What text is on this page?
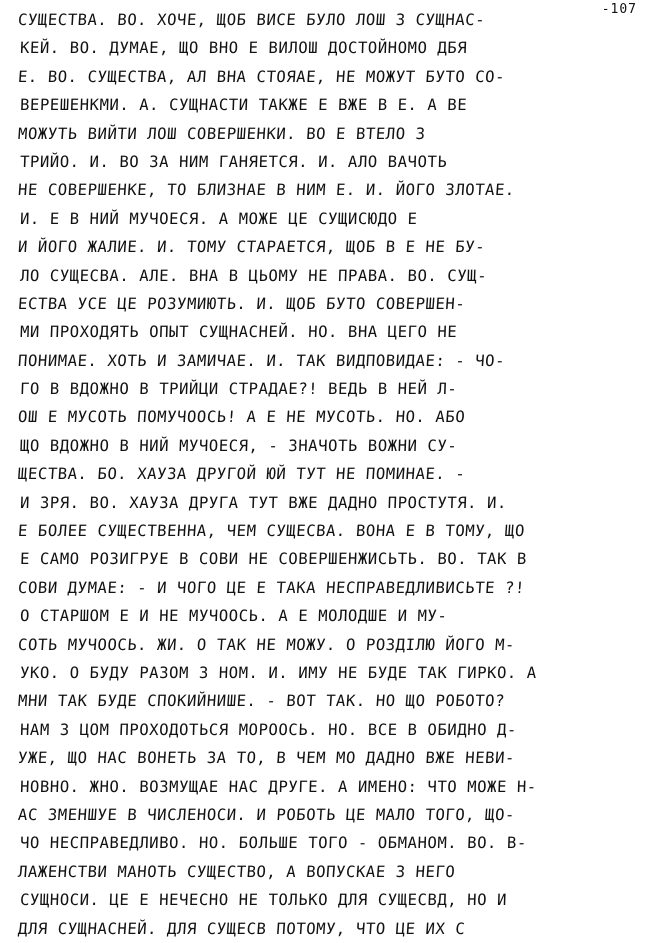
-107
СУЩЕСТВА. ВО. ХОЧЕ, ЩОБ ВИСЕ БУЛО ЛОШ З СУЩНАС-
КЕЙ. ВО. ДУМАЕ, ЩО ВНО Е ВИЛОШ ДОСТОЙНОМО ДБЯ
Е. ВО. СУЩЕСТВА, АЛ ВНА СТОЯАЕ, НЕ МОЖУТ БУТО СО-
ВЕРЕШЕНКМИ. А. СУЩНАСТИ ТАКЖЕ Е ВЖЕ В Е. А ВЕ
МОЖУТЬ ВИЙТИ ЛОШ СОВЕРШЕНКИ. ВО Е ВТЕЛО З
ТРИЙО. И. ВО ЗА НИМ ГАНЯЕТСЯ. И. АЛО ВАЧОТЬ
НЕ СОВЕРШЕНКЕ, ТО БЛИЗНАЕ В НИМ Е. И. ЙОГО ЗЛОТАЕ.
И. Е В НИЙ МУЧОЕСЯ. А МОЖЕ ЦЕ СУЩИСЮДО Е
И ЙОГО ЖАЛИЕ. И. ТОМУ СТАРАЕТСЯ, ЩОБ В Е НЕ БУ-
ЛО СУЩЕСВА. АЛЕ. ВНА В ЦЬОМУ НЕ ПРАВА. ВО. СУЩ-
ЕСТВА УСЕ ЦЕ РОЗУМИЮТЬ. И. ЩОБ БУТО СОВЕРШЕН-
МИ ПРОХОДЯТЬ ОПЫТ СУЩНАСНЕЙ. НО. ВНА ЦЕГО НЕ
ПОНИМАЕ. ХОТЬ И ЗАМИЧАЕ. И. ТАК ВИДПОВИДАЕ: - ЧО-
ГО В ВДОЖНО В ТРИЙЦИ СТРАДАЕ?! ВЕДЬ В НЕЙ Л-
ОШ Е МУСОТЬ ПОМУЧООСЬ! А Е НЕ МУСОТЬ. НО. АБО
ЩО ВДОЖНО В НИЙ МУЧОЕСЯ, - ЗНАЧОТЬ ВОЖНИ СУ-
ЩЕСТВА. БО. ХАУЗА ДРУГОЙ ЮЙ ТУТ НЕ ПОМИНАЕ. -
И ЗРЯ. ВО. ХАУЗА ДРУГА ТУТ ВЖЕ ДАДНО ПРОСТУТЯ. И.
Е БОЛЕЕ СУЩЕСТВЕННА, ЧЕМ СУЩЕСВА. ВОНА Е В ТОМУ, ЩО
Е САМО РОЗИГРУЕ В СОВИ НЕ СОВЕРШЕНЖИСЬТЬ. ВО. ТАК В
СОВИ ДУМАЕ: - И ЧОГО ЦЕ Е ТАКА НЕСПРАВЕДЛИВИСЬТE ?!
О СТАРШОМ Е И НЕ МУЧООСЬ. А Е МОЛОДШЕ И МУ-
СОТЬ МУЧООСЬ. ЖИ. О ТАК НЕ МОЖУ. О РОЗДІЛЮ ЙОГО М-
УКО. О БУДУ РАЗОМ З НОМ. И. ИМУ НЕ БУДЕ ТАК ГИРКО. А
МНИ ТАК БУДЕ СПОКИЙНИШЕ. - ВОТ ТАК. НО ЩО РОБОТО?
НАМ З ЦОМ ПРОХОДОТЬСЯ МОРООСЬ. НО. ВСЕ В ОБИДНО Д-
УЖЕ, ЩО НАС ВОНЕТЬ ЗА ТО, В ЧЕМ МО ДАДНО ВЖЕ НЕВИ-
НОВНО. ЖНО. ВОЗМУЩАЕ НАС ДРУГЕ. А ИМЕНО: ЧТО МОЖЕ Н-
АС ЗМЕНШУЕ В ЧИСЛЕНОСИ. И РОБОТЬ ЦЕ МАЛО ТОГО, ЩО-
ЧО НЕСПРАВЕДЛИВО. НО. БОЛЬШЕ ТОГО - ОБМАНОМ. ВО. В-
ЛАЖЕНСТВИ МАНОТЬ СУЩЕСТВО, А ВОПУСКАЕ З НЕГО
СУЩНОСИ. ЦЕ Е НЕЧЕСНО НЕ ТОЛЬКО ДЛЯ СУЩЕСВД, НО И
ДЛЯ СУЩНАСНЕЙ. ДЛЯ СУЩЕСВ ПОТОМУ, ЧТО ЦЕ ИХ С
